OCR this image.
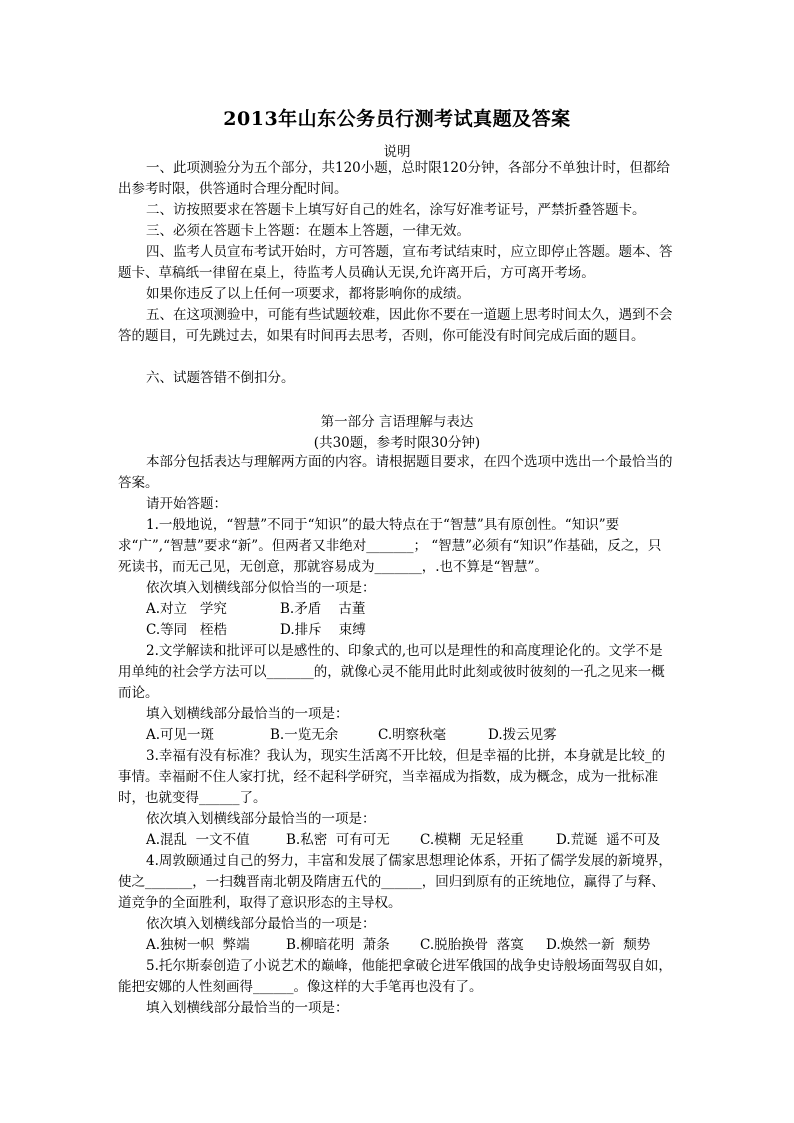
2013年山东公务员行测考试真题及答案
说明
一、此项测验分为五个部分，共120小题，总时限120分钟，各部分不单独计时，但都给出参考时限，供答通时合理分配时间。
二、访按照要求在答题卡上填写好自己的姓名，涂写好准考证号，严禁折叠答题卡。
三、必须在答题卡上答题：在题本上答题，一律无效。
四、监考人员宣布考试开始时，方可答题，宣布考试结束时，应立即停止答题。题本、答题卡、草稿纸一律留在桌上，待监考人员确认无误,允许离开后，方可离开考场。
如果你违反了以上任何一项要求，都将影响你的成绩。
五、在这项测验中，可能有些试题较难，因此你不要在一道题上思考时间太久，遇到不会答的题目，可先跳过去，如果有时间再去思考，否则，你可能没有时间完成后面的题目。
六、试题答错不倒扣分。
第一部分 言语理解与表达
(共30题，参考时限30分钟)
本部分包括表达与理解两方面的内容。请根据题目要求，在四个选项中选出一个最恰当的答案。
请开始答题：
1.一般地说，“智慧”不同于“知识”的最大特点在于“智慧”具有原创性。“知识”要求“广”,“智慧”要求“新”。但两者又非绝对_______； “智慧”必须有“知识”作基础，反之，只死读书，而无己见，无创意，那就容易成为_______，.也不算是“智慧”。
依次填入划横线部分似恰当的一项是：
A.对立   学究	B.矛盾    古董
C.等同   桎梏	D.排斥    束缚
2.文学解读和批评可以是感性的、印象式的,也可以是理性的和高度理论化的。文学不是用单纯的社会学方法可以_______的，就像心灵不能用此时此刻或彼时彼刻的一孔之见来一概而论。
填入划横线部分最恰当的一项是：
A.可见一斑	B.一览无余	C.明察秋毫	D.拨云见雾
3.幸福有没有标准？我认为，现实生活离不开比较，但是幸福的比拼，本身就是比较_的事情。幸福耐不住人家打扰，经不起科学研究，当幸福成为指数，成为概念，成为一批标准 时，也就变得______了。
依次填入划横线部分最恰当的一项是：
A.混乱  一文不值	B.私密  可有可无 C.模糊  无足轻重 D.荒诞  遥不可及
4.周敦颐通过自己的努力，丰富和发展了儒家思想理论体系，开拓了儒学发展的新境界，使之_______，一扫魏晋南北朝及隋唐五代的______，回归到原有的正统地位，赢得了与释、道竞争的全面胜利，取得了意识形态的主导权。
依次填入划横线部分最恰当的一项是：
A.独树一帜  弊端	B.柳暗花明  萧条 C.脱胎换骨  落寞 D.焕然一新  颓势
5.托尔斯泰创造了小说艺术的巅峰，他能把拿破仑进军俄国的战争史诗般场面驾驭自如，能把安娜的人性刻画得______。像这样的大手笔再也没有了。
填入划横线部分最恰当的一项是：
